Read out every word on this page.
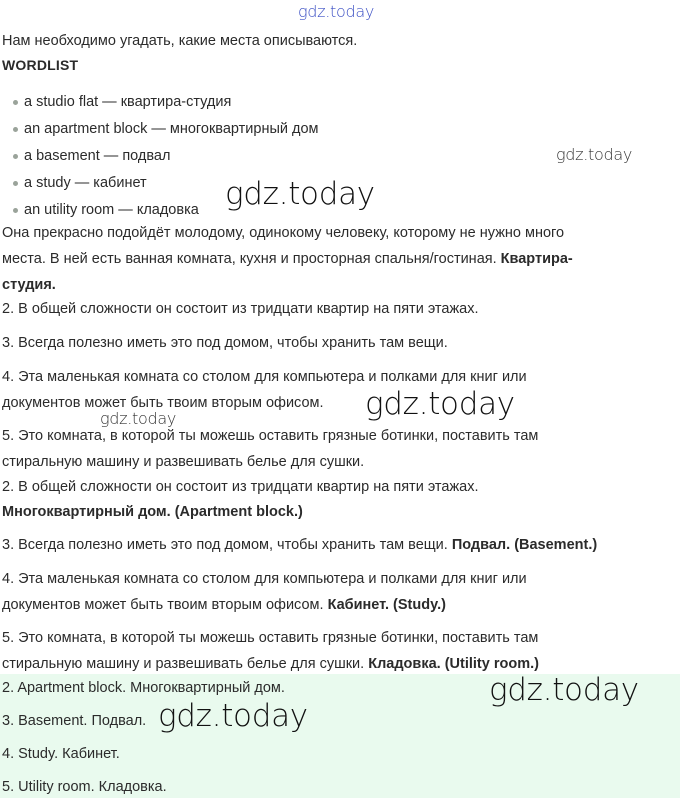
gdz.today
gdz.today
gdz.today
gdz.today
gdz.today
Нам необходимо угадать, какие места описываются.
WORDLIST
a studio flat — квартира-студия
an apartment block — многоквартирный дом
a basement — подвал
a study — кабинет
an utility room — кладовка
Она прекрасно подойдёт молодому, одинокому человеку, которому не нужно много
места. В ней есть ванная комната, кухня и просторная спальня/гостиная. Квартира-
студия.
2. В общей сложности он состоит из тридцати квартир на пяти этажах.
3. Всегда полезно иметь это под домом, чтобы хранить там вещи.
4. Эта маленькая комната со столом для компьютера и полками для книг или
документов может быть твоим вторым офисом.
5. Это комната, в которой ты можешь оставить грязные ботинки, поставить там
стиральную машину и развешивать белье для сушки.
2. В общей сложности он состоит из тридцати квартир на пяти этажах.
Многоквартирный дом. (Apartment block.)
3. Всегда полезно иметь это под домом, чтобы хранить там вещи. Подвал. (Basement.)
4. Эта маленькая комната со столом для компьютера и полками для книг или
документов может быть твоим вторым офисом. Кабинет. (Study.)
5. Это комната, в которой ты можешь оставить грязные ботинки, поставить там
стиральную машину и развешивать белье для сушки. Кладовка. (Utility room.)
2. Apartment block. Многоквартирный дом.
3. Basement. Подвал.
4. Study. Кабинет.
5. Utility room. Кладовка.
gdz.today
gdz.today
